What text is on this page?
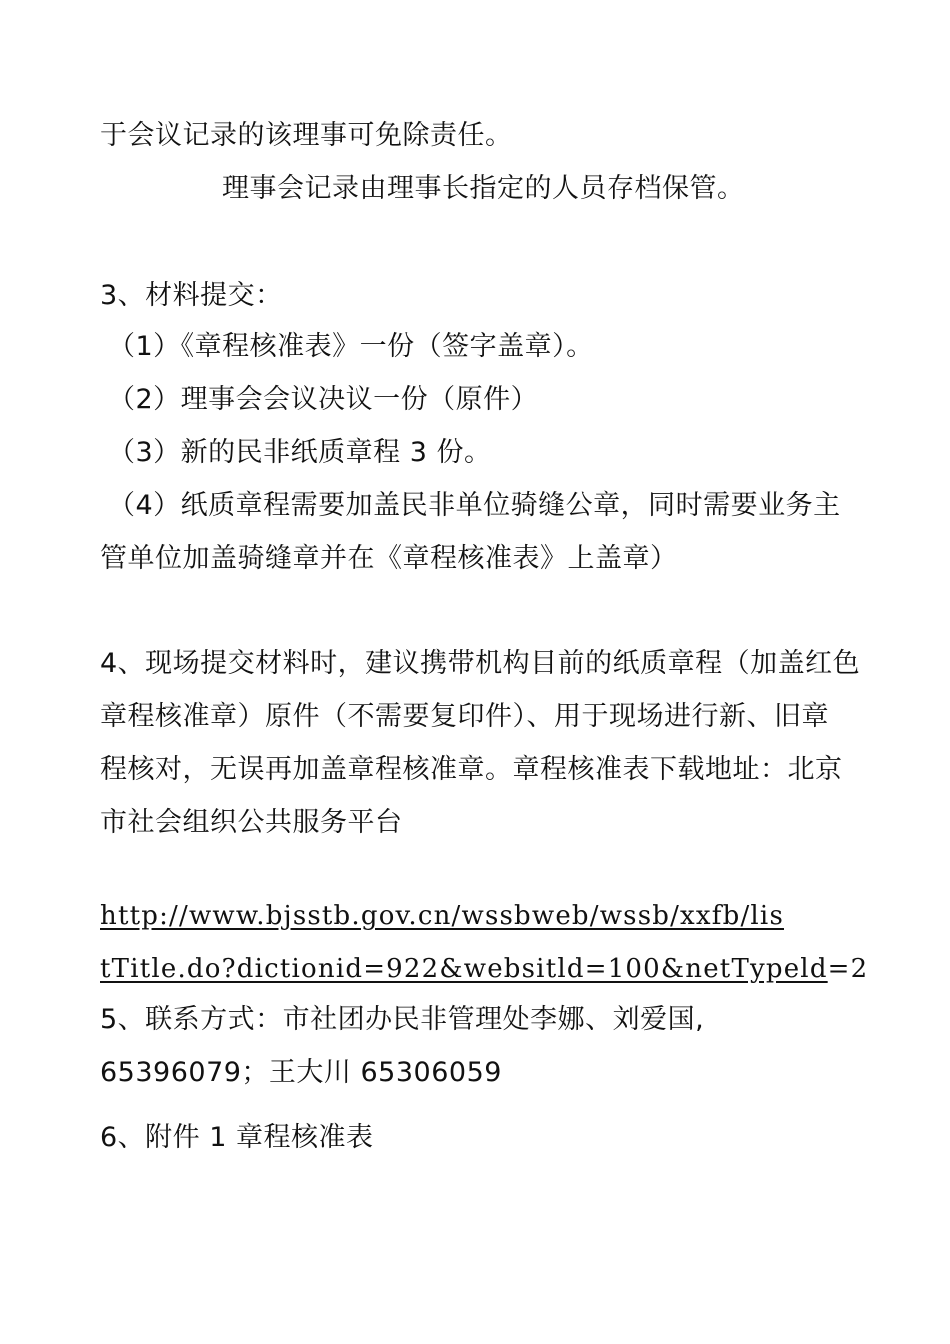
于会议记录的该理事可免除责任。
理事会记录由理事长指定的人员存档保管。
3、材料提交：
（1）《章程核准表》一份（签字盖章）。
（2）理事会会议决议一份（原件）
（3）新的民非纸质章程 3 份。
（4）纸质章程需要加盖民非单位骑缝公章，同时需要业务主
管单位加盖骑缝章并在《章程核准表》上盖章）
4、现场提交材料时，建议携带机构目前的纸质章程（加盖红色
章程核准章）原件（不需要复印件）、用于现场进行新、旧章
程核对，无误再加盖章程核准章。章程核准表下载地址：北京
市社会组织公共服务平台
http://www.bjsstb.gov.cn/wssbweb/wssb/xxfb/lis
tTitle.do?dictionid=922&websitld=100&netTypeld=2
5、联系方式：市社团办民非管理处李娜、刘爱国,
65396079；王大川 65306059
6、附件 1 章程核准表
